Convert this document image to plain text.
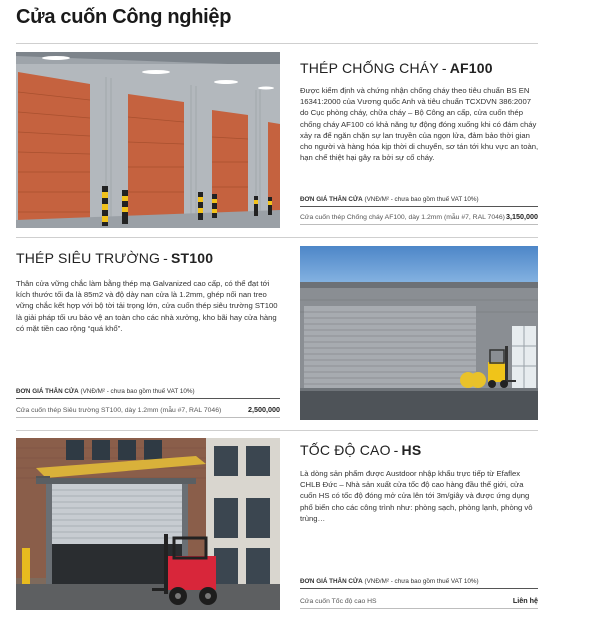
Cửa cuốn Công nghiệp
THÉP CHỐNG CHÁY - AF100
Được kiểm định và chứng nhận chống cháy theo tiêu chuẩn BS EN 16341:2000 của Vương quốc Anh và tiêu chuẩn TCXDVN 386:2007 do Cục phòng cháy, chữa cháy – Bộ Công an cấp, cửa cuốn thép chống cháy AF100 có khả năng tự động đóng xuống khi có đám cháy xảy ra để ngăn chặn sự lan truyền của ngọn lửa, đảm bảo thời gian cho người và hàng hóa kịp thời di chuyển, sơ tán tới khu vực an toàn, hạn chế thiệt hại gây ra bởi sự cố cháy.
ĐƠN GIÁ THÂN CỬA (VNĐ/M² - chưa bao gồm thuế VAT 10%)
Cửa cuốn thép Chống cháy AF100, dày 1.2mm (mẫu #7, RAL 7046) 3,150,000
THÉP SIÊU TRƯỜNG - ST100
Thân cửa vững chắc làm bằng thép mạ Galvanized cao cấp, có thể đạt tới kích thước tối đa là 85m2 và độ dày nan cửa là 1.2mm, ghép nối nan treo vững chắc kết hợp với bộ tời tải trọng lớn, cửa cuốn thép siêu trường ST100 là giải pháp tối ưu bảo vệ an toàn cho các nhà xưởng, kho bãi hay cửa hàng có mặt tiền cao rộng “quá khổ”.
ĐƠN GIÁ THÂN CỬA (VNĐ/M² - chưa bao gồm thuế VAT 10%)
Cửa cuốn thép Siêu trường ST100, dày 1.2mm (mẫu #7, RAL 7046)	2,500,000
TỐC ĐỘ CAO - HS
Là dòng sản phẩm được Austdoor nhập khẩu trực tiếp từ Efaflex CHLB Đức – Nhà sản xuất cửa tốc độ cao hàng đầu thế giới, cửa cuốn HS có tốc độ đóng mở cửa lên tới 3m/giây và được ứng dụng phổ biến cho các công trình như: phòng sạch, phòng lạnh, phòng vô trùng…
ĐƠN GIÁ THÂN CỬA (VNĐ/M² - chưa bao gồm thuế VAT 10%)
Cửa cuốn Tốc độ cao HS	Liên hệ
